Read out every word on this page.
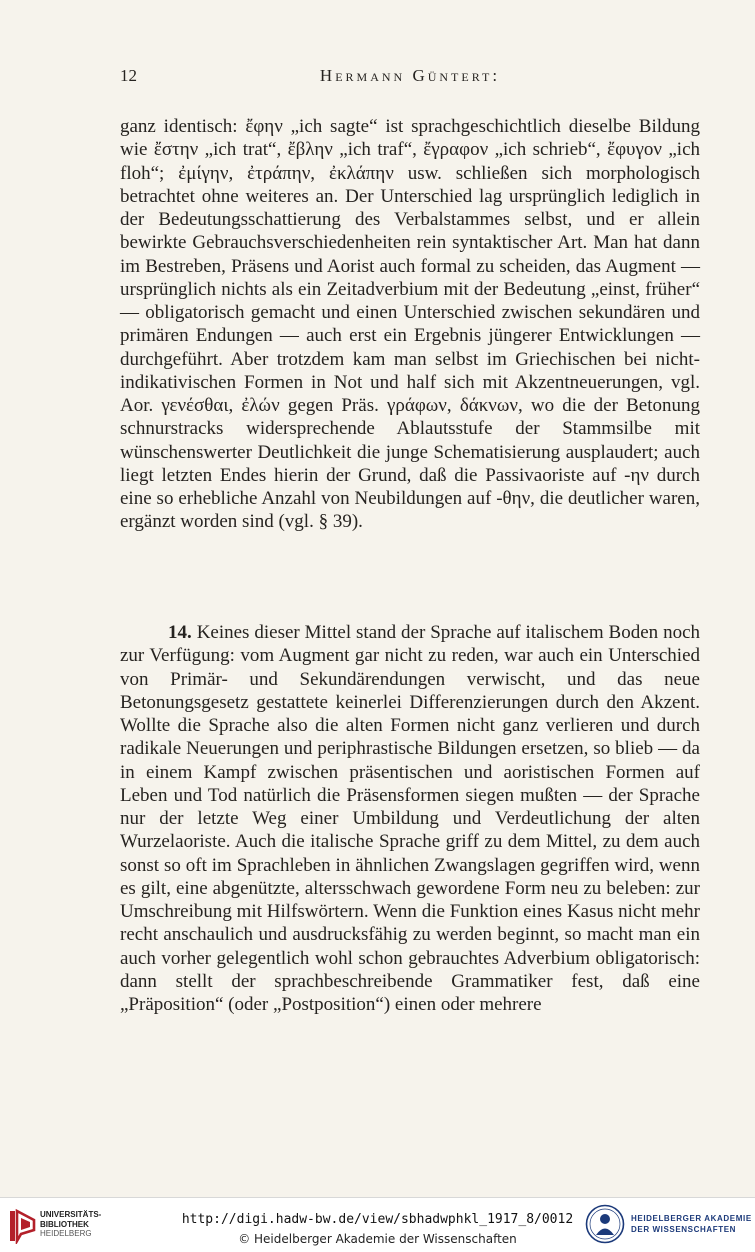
12	Hermann Güntert:
ganz identisch: ἔφην „ich sagte“ ist sprachgeschichtlich dieselbe Bildung wie ἔστην „ich trat“, ἔβλην „ich traf“, ἔγραφον „ich schrieb“, ἔφυγον „ich floh“; ἐμίγην, ἐτράπην, ἐκλάπην usw. schließen sich morphologisch betrachtet ohne weiteres an. Der Unterschied lag ursprünglich lediglich in der Bedeutungsschattierung des Verbalstammes selbst, und er allein bewirkte Gebrauchsverschiedenheiten rein syntaktischer Art. Man hat dann im Bestreben, Präsens und Aorist auch formal zu scheiden, das Augment — ursprünglich nichts als ein Zeitadverbium mit der Bedeutung „einst, früher“ — obligatorisch gemacht und einen Unterschied zwischen sekundären und primären Endungen — auch erst ein Ergebnis jüngerer Entwicklungen — durchgeführt. Aber trotzdem kam man selbst im Griechischen bei nicht-indikativischen Formen in Not und half sich mit Akzentneuerungen, vgl. Aor. γενέσθαι, ἐλών gegen Präs. γράφων, δάκνων, wo die der Betonung schnurstracks widersprechende Ablautsstufe der Stammsilbe mit wünschenswerter Deutlichkeit die junge Schematisierung ausplaudert; auch liegt letzten Endes hierin der Grund, daß die Passivaoriste auf -ην durch eine so erhebliche Anzahl von Neubildungen auf -θην, die deutlicher waren, ergänzt worden sind (vgl. § 39).
14. Keines dieser Mittel stand der Sprache auf italischem Boden noch zur Verfügung: vom Augment gar nicht zu reden, war auch ein Unterschied von Primär- und Sekundärendungen verwischt, und das neue Betonungsgesetz gestattete keinerlei Differenzierungen durch den Akzent. Wollte die Sprache also die alten Formen nicht ganz verlieren und durch radikale Neuerungen und periphrastische Bildungen ersetzen, so blieb — da in einem Kampf zwischen präsentischen und aoristischen Formen auf Leben und Tod natürlich die Präsensformen siegen mußten — der Sprache nur der letzte Weg einer Umbildung und Verdeutlichung der alten Wurzelaoriste. Auch die italische Sprache griff zu dem Mittel, zu dem auch sonst so oft im Sprachleben in ähnlichen Zwangslagen gegriffen wird, wenn es gilt, eine abgenützte, altersschwach gewordene Form neu zu beleben: zur Umschreibung mit Hilfswörtern. Wenn die Funktion eines Kasus nicht mehr recht anschaulich und ausdrucksfähig zu werden beginnt, so macht man ein auch vorher gelegentlich wohl schon gebrauchtes Adverbium obligatorisch: dann stellt der sprachbeschreibende Grammatiker fest, daß eine „Präposition“ (oder „Postposition“) einen oder mehrere
UNIVERSITÄTS-
BIBLIOTHEK
HEIDELBERG
http://digi.hadw-bw.de/view/sbhadwphkl_1917_8/0012
© Heidelberger Akademie der Wissenschaften
HEIDELBERGER AKADEMIE
DER WISSENSCHAFTEN
